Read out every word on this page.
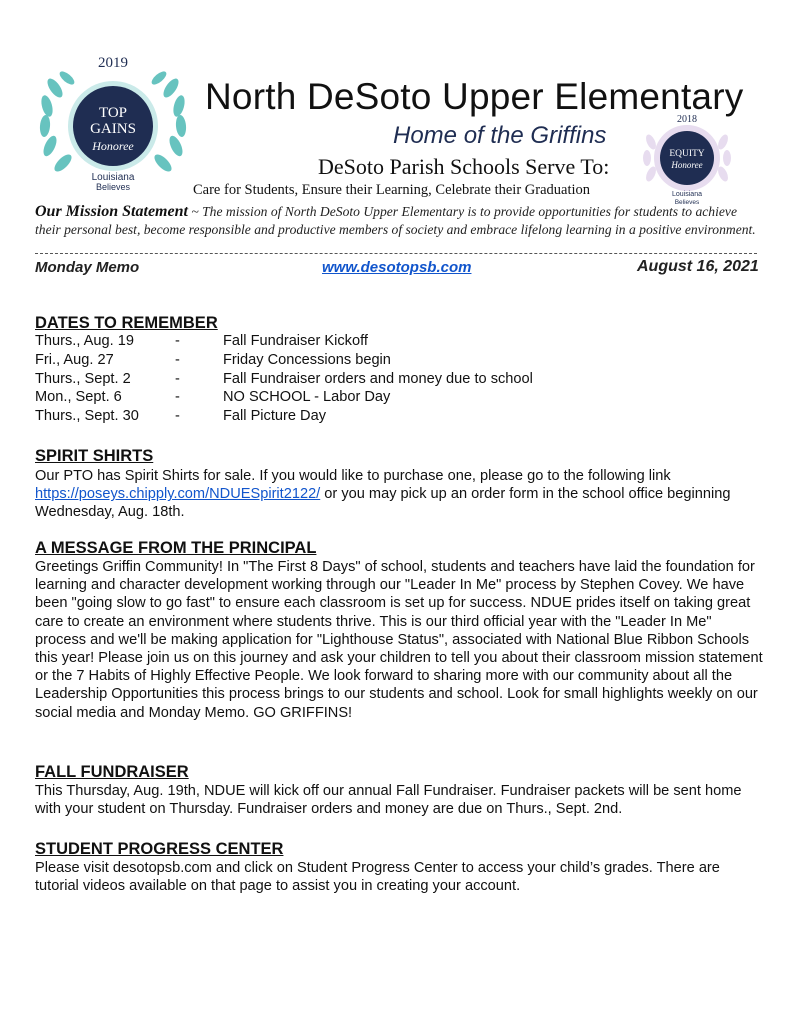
2019
TOP
GAINS
Honoree
Louisiana
Believes
2018
EQUITY
Honoree
Louisiana
Believes
North DeSoto Upper Elementary
Home of the Griffins
DeSoto Parish Schools Serve To:
Care for Students, Ensure their Learning, Celebrate their Graduation
Our Mission Statement ~ The mission of North DeSoto Upper Elementary is to provide opportunities for students to achieve their personal best, become responsible and productive members of society and embrace lifelong learning in a positive environment.
Monday Memo	www.desotopsb.com	August 16, 2021
DATES TO REMEMBER
Thurs., Aug. 19	-	Fall Fundraiser Kickoff
Fri., Aug. 27	-	Friday Concessions begin
Thurs., Sept. 2	-	Fall Fundraiser orders and money due to school
Mon., Sept. 6	-	NO SCHOOL - Labor Day
Thurs., Sept. 30 -	Fall Picture Day
SPIRIT SHIRTS
Our PTO has Spirit Shirts for sale. If you would like to purchase one, please go to the following link https://poseys.chipply.com/NDUESpirit2122/ or you may pick up an order form in the school office beginning Wednesday, Aug. 18th.
A MESSAGE FROM THE PRINCIPAL
Greetings Griffin Community! In "The First 8 Days" of school, students and teachers have laid the foundation for learning and character development working through our "Leader In Me" process by Stephen Covey. We have been "going slow to go fast" to ensure each classroom is set up for success. NDUE prides itself on taking great care to create an environment where students thrive. This is our third official year with the "Leader In Me" process and we'll be making application for "Lighthouse Status", associated with National Blue Ribbon Schools this year! Please join us on this journey and ask your children to tell you about their classroom mission statement or the 7 Habits of Highly Effective People. We look forward to sharing more with our community about all the Leadership Opportunities this process brings to our students and school. Look for small highlights weekly on our social media and Monday Memo. GO GRIFFINS!
FALL FUNDRAISER
This Thursday, Aug. 19th, NDUE will kick off our annual Fall Fundraiser. Fundraiser packets will be sent home with your student on Thursday. Fundraiser orders and money are due on Thurs., Sept. 2nd.
STUDENT PROGRESS CENTER
Please visit desotopsb.com and click on Student Progress Center to access your child’s grades. There are tutorial videos available on that page to assist you in creating your account.
